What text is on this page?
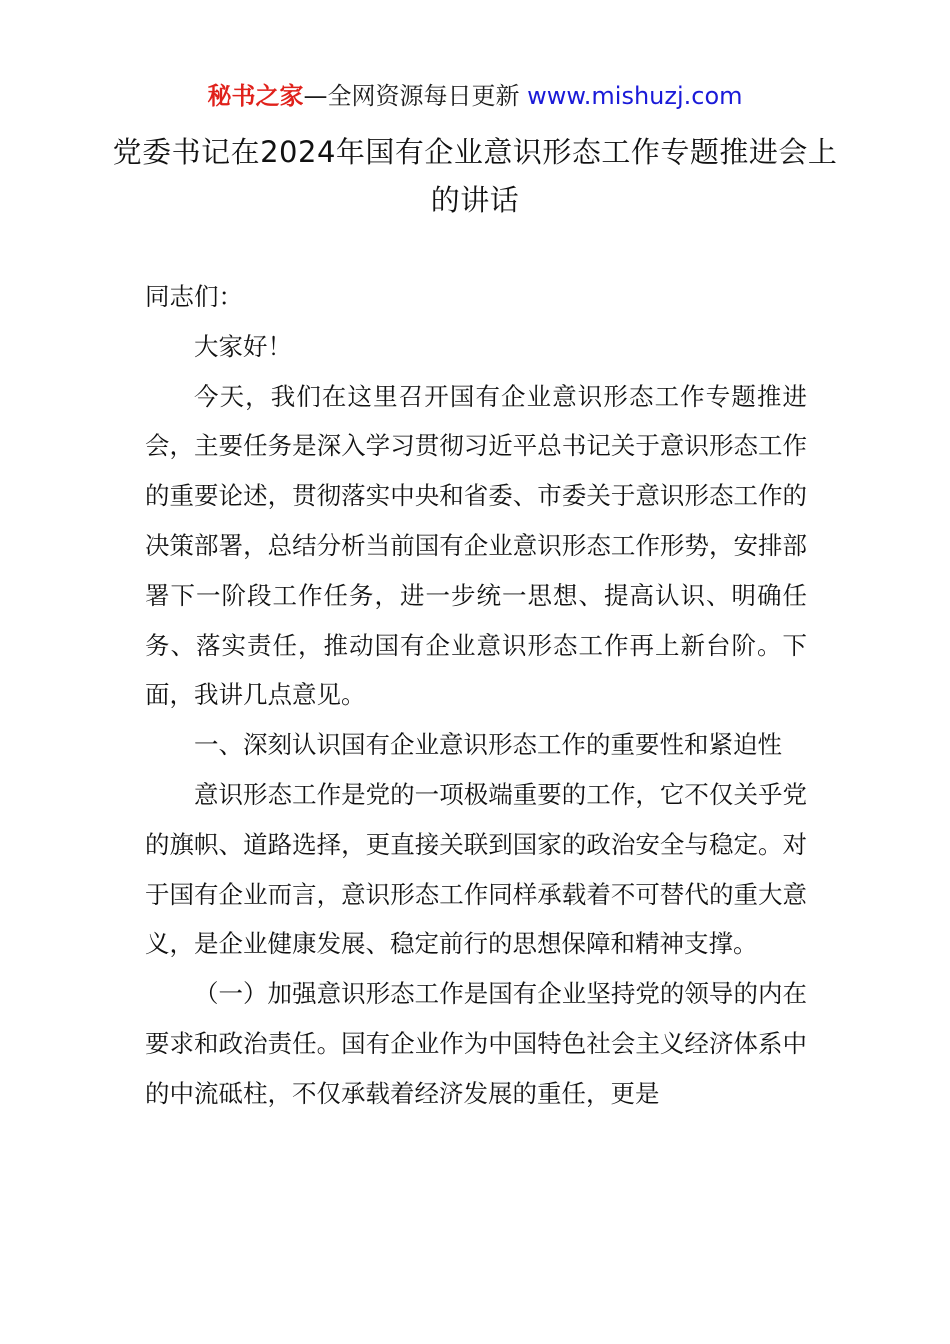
秘书之家—全网资源每日更新 www.mishuzj.com
党委书记在2024年国有企业意识形态工作专题推进会上的讲话

同志们：

大家好！

今天，我们在这里召开国有企业意识形态工作专题推进会，主要任务是深入学习贯彻习近平总书记关于意识形态工作的重要论述，贯彻落实中央和省委、市委关于意识形态工作的决策部署，总结分析当前国有企业意识形态工作形势，安排部署下一阶段工作任务，进一步统一思想、提高认识、明确任务、落实责任，推动国有企业意识形态工作再上新台阶。下面，我讲几点意见。

一、深刻认识国有企业意识形态工作的重要性和紧迫性

意识形态工作是党的一项极端重要的工作，它不仅关乎党的旗帜、道路选择，更直接关联到国家的政治安全与稳定。对于国有企业而言，意识形态工作同样承载着不可替代的重大意义，是企业健康发展、稳定前行的思想保障和精神支撑。

（一）加强意识形态工作是国有企业坚持党的领导的内在要求和政治责任。国有企业作为中国特色社会主义经济体系中的中流砥柱，不仅承载着经济发展的重任，更是
